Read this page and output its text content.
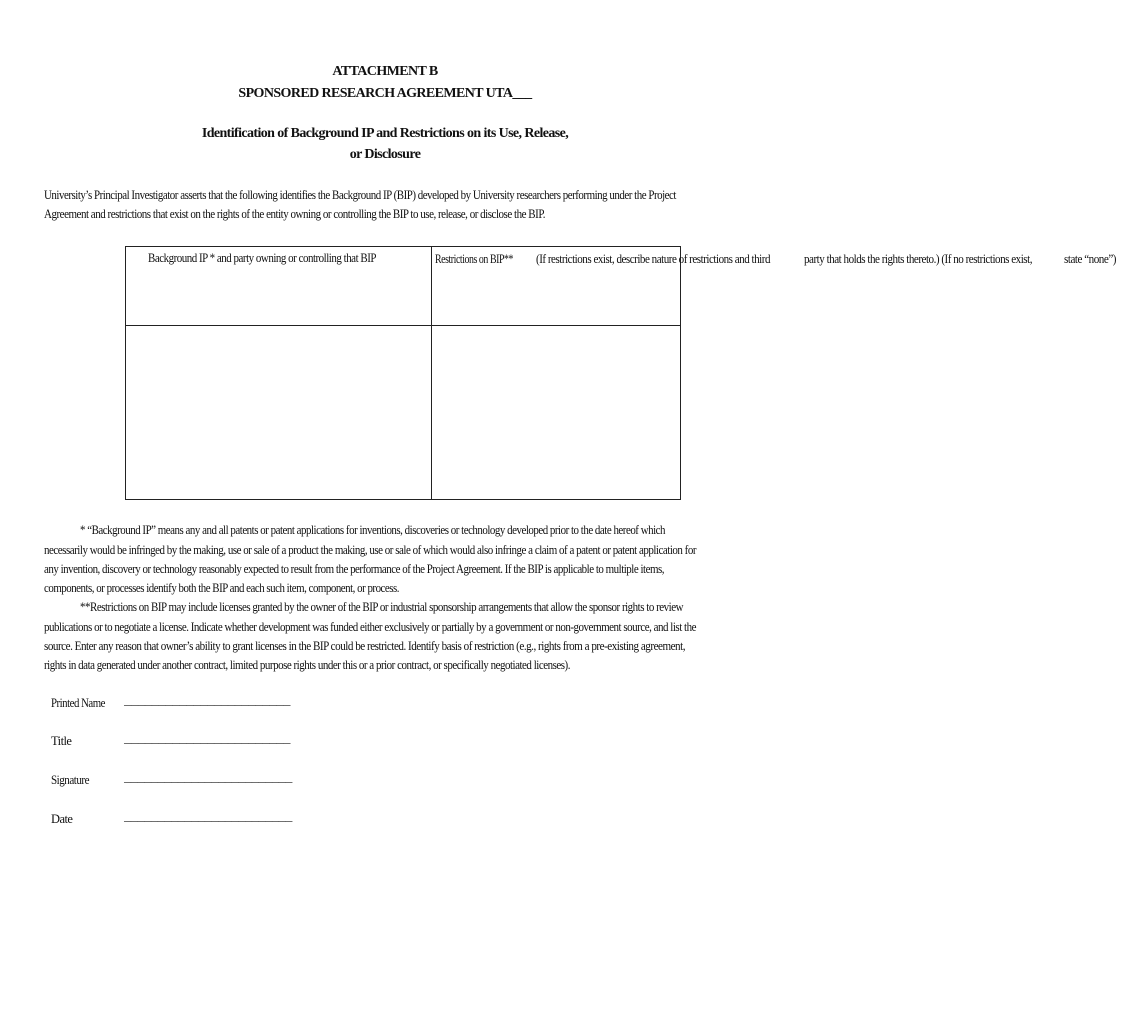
ATTACHMENT B
SPONSORED RESEARCH AGREEMENT UTA___
Identification of Background IP and Restrictions on its Use, Release,
or Disclosure
University’s Principal Investigator asserts that the following identifies the Background IP (BIP) developed by University researchers performing under the Project
Agreement and restrictions that exist on the rights of the entity owning or controlling the BIP to use, release, or disclose the BIP.
Background IP * and party owning or controlling that BIP	Restrictions on BIP** (If restrictions exist, describe nature of restrictions and third	party that holds the rights thereto.) (If no restrictions exist,	state “none”)
* “Background IP” means any and all patents or patent applications for inventions, discoveries or technology developed prior to the date hereof which
necessarily would be infringed by the making, use or sale of a product the making, use or sale of which would also infringe a claim of a patent or patent application for
any invention, discovery or technology reasonably expected to result from the performance of the Project Agreement. If the BIP is applicable to multiple items,
components, or processes identify both the BIP and each such item, component, or process.
**Restrictions on BIP may include licenses granted by the owner of the BIP or industrial sponsorship arrangements that allow the sponsor rights to review
publications or to negotiate a license. Indicate whether development was funded either exclusively or partially by a government or non-government source, and list the
source. Enter any reason that owner’s ability to grant licenses in the BIP could be restricted. Identify basis of restriction (e.g., rights from a pre-existing agreement,
rights in data generated under another contract, limited purpose rights under this or a prior contract, or specifically negotiated licenses).
Printed Name ________________________
Title	________________________
Signature	_________________________
Date	_________________________
